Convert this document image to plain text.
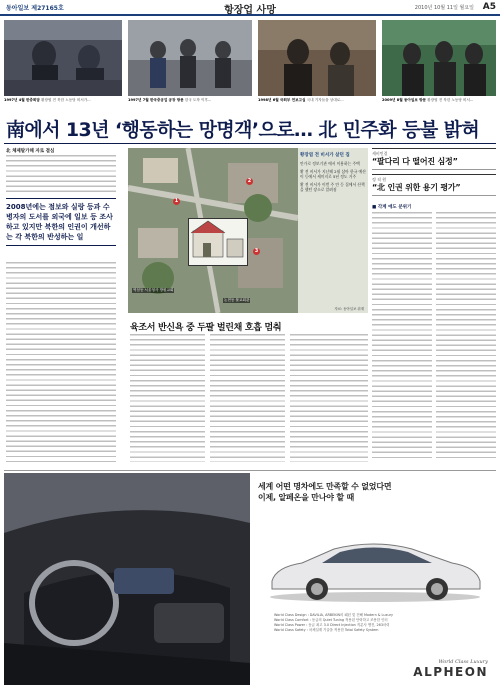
동아일보 제27165호	항장업 사망	2010년 10월 11일 월요일 A5
1997년 4월 한중회담 황장엽 전 북한 노동당 비서가...	1997년 7월 한국중공업 공장 방문 한국 도착 이후...	1998년 6월 국회부 연보고실 국내 기자들을 상대로...	2009년 8월 동아일보 방문 황장엽 전 북한 노동당 비서...
南에서 13년 ‘행동하는 망명객’으로… 北 민주화 등불 밝혀
北 체제탈가해 자로 결심
2008년에는 점보와 실랑 등과 수병자의 도서를 외국에 일보 등 조사하고 있지만 북한의 인권이 개선하는 각 북한의 반성하는 일
1
2
3
역삼동 서울청사 방원교회
논현동 불교회관
황장엽 전 비서가 살던 집
안가로 정보기관 에서 이용하는 주택
황 전 비서가 지난해 2월 삼아 한국 예산이 등에서 세미지로 5년 정도 거주
황 전 비서가 이번 주 안 등 집에서 산책을 했던 장소로 알려짐
자료: 동아일보 취재
육조서 반신욕 중 두팔 벌린채 호흡 멈춰
세비민결
“팔다리 다 떨어진 심정”
정 직 원
“北 인권 위한 용기 평가”
■ 각계 애도 분위기
세계 어떤 명차에도 만족할 수 없었다면
이제, 알페온을 만나야 할 때
World Class Design : DAVILIA, ARBEKIN의 패턴 및 전해 Modern & Luxury
World Class Comfort : 동급의 Quiet Tuning 적용된 안락하고 조용한 인터
World Class Power : 동급 최고 3.0 Direct Injection 직분사 엔진, 263마력
World Class Safety : 차체설계 기술을 적용한 Total Safety System
World Class Luxury
ALPHEON
